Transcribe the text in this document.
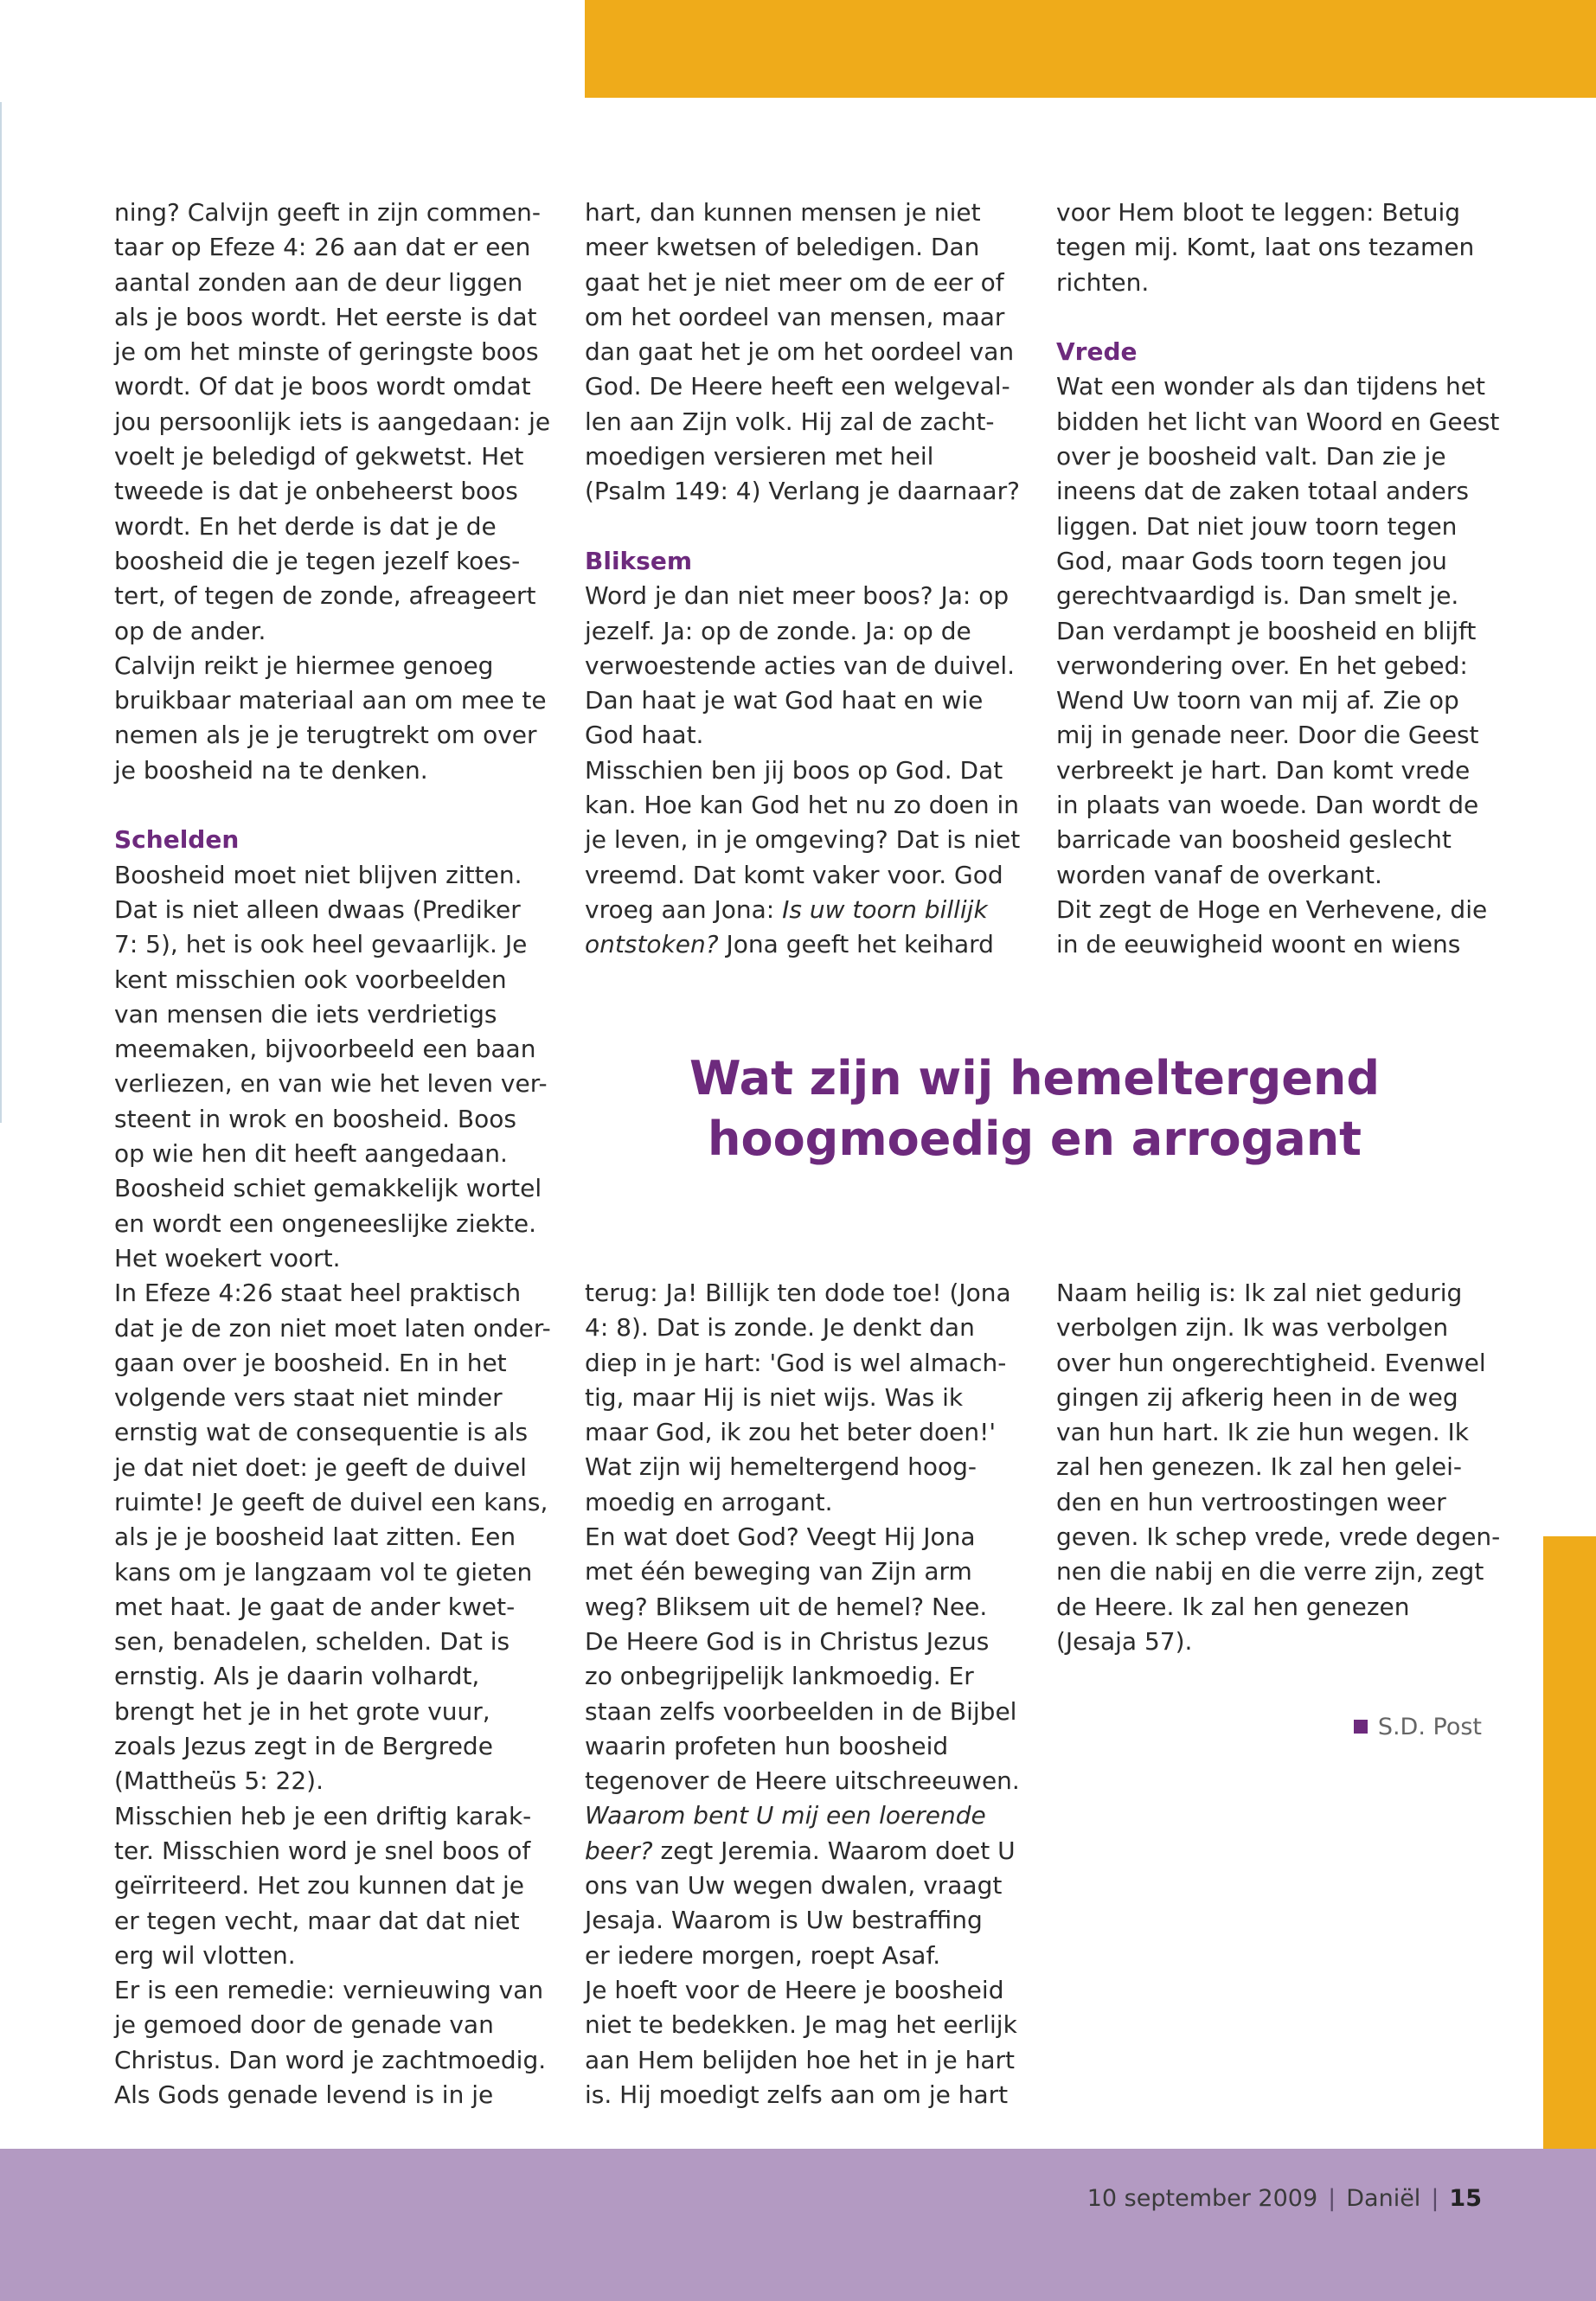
ning? Calvijn geeft in zijn commen-
taar op Efeze 4: 26 aan dat er een
aantal zonden aan de deur liggen
als je boos wordt. Het eerste is dat
je om het minste of geringste boos
wordt. Of dat je boos wordt omdat
jou persoonlijk iets is aangedaan: je
voelt je beledigd of gekwetst. Het
tweede is dat je onbeheerst boos
wordt. En het derde is dat je de
boosheid die je tegen jezelf koes-
tert, of tegen de zonde, afreageert
op de ander.

Calvijn reikt je hiermee genoeg
bruikbaar materiaal aan om mee te
nemen als je je terugtrekt om over
je boosheid na te denken.

Schelden

Boosheid moet niet blijven zitten.
Dat is niet alleen dwaas (Prediker
7: 5), het is ook heel gevaarlijk. Je
kent misschien ook voorbeelden
van mensen die iets verdrietigs
meemaken, bijvoorbeeld een baan
verliezen, en van wie het leven ver-
steent in wrok en boosheid. Boos
op wie hen dit heeft aangedaan.
Boosheid schiet gemakkelijk wortel
en wordt een ongeneeslijke ziekte.
Het woekert voort.

In Efeze 4:26 staat heel praktisch
dat je de zon niet moet laten onder-
gaan over je boosheid. En in het
volgende vers staat niet minder
ernstig wat de consequentie is als
je dat niet doet: je geeft de duivel
ruimte! Je geeft de duivel een kans,
als je je boosheid laat zitten. Een
kans om je langzaam vol te gieten
met haat. Je gaat de ander kwet-
sen, benadelen, schelden. Dat is
ernstig. Als je daarin volhardt,
brengt het je in het grote vuur,
zoals Jezus zegt in de Bergrede
(Mattheüs 5: 22).

Misschien heb je een driftig karak-
ter. Misschien word je snel boos of
geïrriteerd. Het zou kunnen dat je
er tegen vecht, maar dat dat niet
erg wil vlotten.

Er is een remedie: vernieuwing van
je gemoed door de genade van
Christus. Dan word je zachtmoedig.
Als Gods genade levend is in je

hart, dan kunnen mensen je niet
meer kwetsen of beledigen. Dan
gaat het je niet meer om de eer of
om het oordeel van mensen, maar
dan gaat het je om het oordeel van
God. De Heere heeft een welgeval-
len aan Zijn volk. Hij zal de zacht-
moedigen versieren met heil
(Psalm 149: 4) Verlang je daarnaar?

Bliksem

Word je dan niet meer boos? Ja: op
jezelf. Ja: op de zonde. Ja: op de
verwoestende acties van de duivel.
Dan haat je wat God haat en wie
God haat.

Misschien ben jij boos op God. Dat
kan. Hoe kan God het nu zo doen in
je leven, in je omgeving? Dat is niet
vreemd. Dat komt vaker voor. God
vroeg aan Jona: Is uw toorn billijk
ontstoken? Jona geeft het keihard

voor Hem bloot te leggen: Betuig
tegen mij. Komt, laat ons tezamen
richten.

Vrede

Wat een wonder als dan tijdens het
bidden het licht van Woord en Geest
over je boosheid valt. Dan zie je
ineens dat de zaken totaal anders
liggen. Dat niet jouw toorn tegen
God, maar Gods toorn tegen jou
gerechtvaardigd is. Dan smelt je.
Dan verdampt je boosheid en blijft
verwondering over. En het gebed:
Wend Uw toorn van mij af. Zie op
mij in genade neer. Door die Geest
verbreekt je hart. Dan komt vrede
in plaats van woede. Dan wordt de
barricade van boosheid geslecht
worden vanaf de overkant.

Dit zegt de Hoge en Verhevene, die
in de eeuwigheid woont en wiens

Wat zijn wij hemeltergend
hoogmoedig en arrogant

terug: Ja! Billijk ten dode toe! (Jona
4: 8). Dat is zonde. Je denkt dan
diep in je hart: 'God is wel almach-
tig, maar Hij is niet wijs. Was ik
maar God, ik zou het beter doen!'
Wat zijn wij hemeltergend hoog-
moedig en arrogant.

En wat doet God? Veegt Hij Jona
met één beweging van Zijn arm
weg? Bliksem uit de hemel? Nee.
De Heere God is in Christus Jezus
zo onbegrijpelijk lankmoedig. Er
staan zelfs voorbeelden in de Bijbel
waarin profeten hun boosheid
tegenover de Heere uitschreeuwen.
Waarom bent U mij een loerende
beer? zegt Jeremia. Waarom doet U
ons van Uw wegen dwalen, vraagt
Jesaja. Waarom is Uw bestraffing
er iedere morgen, roept Asaf.

Je hoeft voor de Heere je boosheid
niet te bedekken. Je mag het eerlijk
aan Hem belijden hoe het in je hart
is. Hij moedigt zelfs aan om je hart

Naam heilig is: Ik zal niet gedurig
verbolgen zijn. Ik was verbolgen
over hun ongerechtigheid. Evenwel
gingen zij afkerig heen in de weg
van hun hart. Ik zie hun wegen. Ik
zal hen genezen. Ik zal hen gelei-
den en hun vertroostingen weer
geven. Ik schep vrede, vrede degen-
nen die nabij en die verre zijn, zegt
de Heere. Ik zal hen genezen
(Jesaja 57).

S.D. Post
10 september 2009 | Daniël | 15
